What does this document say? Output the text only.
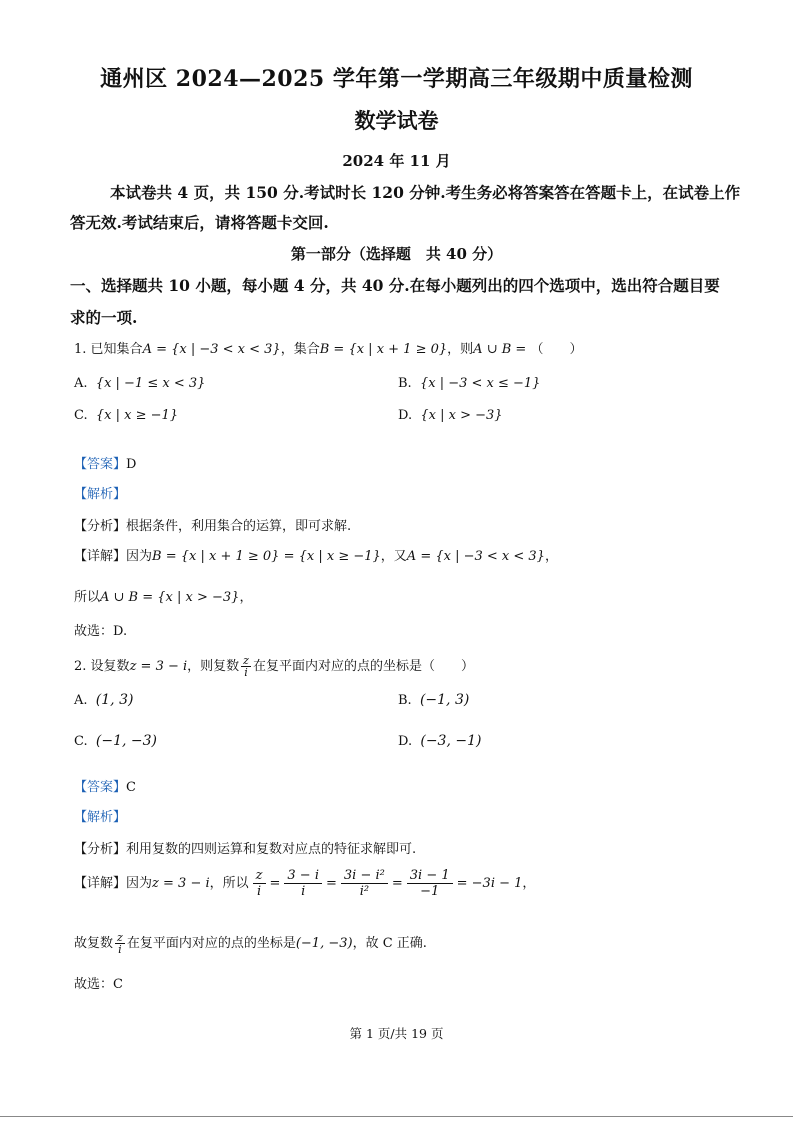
通州区 2024—2025 学年第一学期高三年级期中质量检测
数学试卷
2024 年 11 月
本试卷共 4 页，共 150 分.考试时长 120 分钟.考生务必将答案答在答题卡上，在试卷上作
答无效.考试结束后，请将答题卡交回.
第一部分（选择题　共 40 分）
一、选择题共 10 小题，每小题 4 分，共 40 分.在每小题列出的四个选项中，选出符合题目要
求的一项.
1. 已知集合A = {x | −3 < x < 3}，集合B = {x | x + 1 ≥ 0}，则A ∪ B = （　　）
A. {x | −1 ≤ x < 3}	B. {x | −3 < x ≤ −1}
C. {x | x ≥ −1}	D. {x | x > −3}
【答案】D
【解析】
【分析】根据条件，利用集合的运算，即可求解.
【详解】因为B = {x | x + 1 ≥ 0} = {x | x ≥ −1}，又A = {x | −3 < x < 3}，
所以A ∪ B = {x | x > −3}，
故选：D.
2. 设复数z = 3 − i，则复数 $\frac{z}{i}$ 在复平面内对应的点的坐标是（　　）
A. (1, 3)	B. (−1, 3)
C. (−1, −3)	D. (−3, −1)
【答案】C
【解析】
【分析】利用复数的四则运算和复数对应点的特征求解即可.
【详解】因为z = 3 − i，所以 $\frac{z}{i} = \frac{3 - i}{i} = \frac{\text{3i − i²}}{\text{i²}} = \frac{3i - 1}{-1} = -3i - 1$，
故复数 $\frac{z}{i}$ 在复平面内对应的点的坐标是(−1, −3)，故 C 正确.
故选：C
第 1 页/共 19 页
